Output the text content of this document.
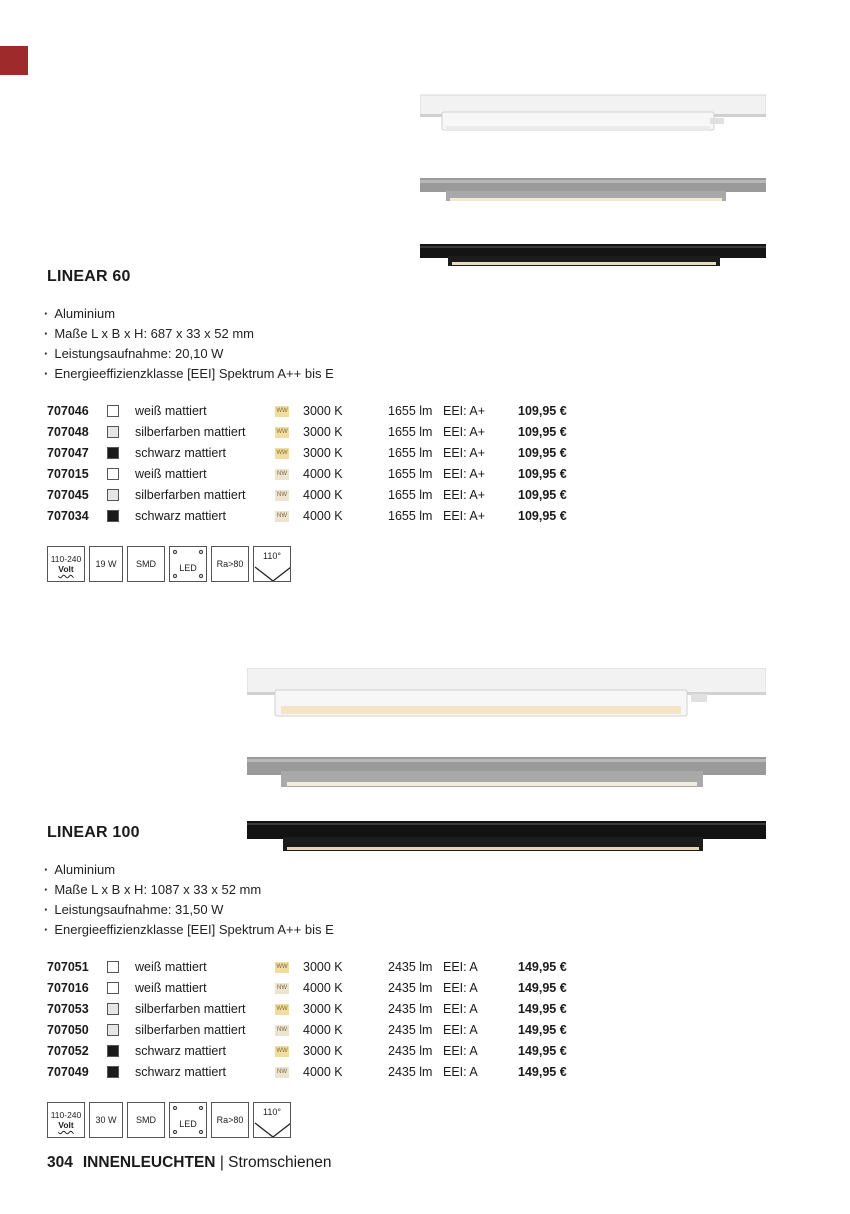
LINEAR 60
· Aluminium
· Maße L x B x H: 687 x 33 x 52 mm
· Leistungsaufnahme: 20,10 W
· Energieeffizienzklasse [EEI] Spektrum A++ bis E
707046		weiß mattiert	WW	3000 K	1655 lm	EEI: A+	109,95 €
707048		silberfarben mattiert	WW	3000 K	1655 lm	EEI: A+	109,95 €
707047		schwarz mattiert	WW	3000 K	1655 lm	EEI: A+	109,95 €
707015		weiß mattiert	NW	4000 K	1655 lm	EEI: A+	109,95 €
707045		silberfarben mattiert	NW	4000 K	1655 lm	EEI: A+	109,95 €
707034		schwarz mattiert	NW	4000 K	1655 lm	EEI: A+	109,95 €
110-240
Volt 19 W SMD	LED Ra>80
110°
LINEAR 100
· Aluminium
· Maße L x B x H: 1087 x 33 x 52 mm
· Leistungsaufnahme: 31,50 W
· Energieeffizienzklasse [EEI] Spektrum A++ bis E
707051		weiß mattiert	WW	3000 K	2435 lm	EEI: A	149,95 €
707016		weiß mattiert	NW	4000 K	2435 lm	EEI: A	149,95 €
707053		silberfarben mattiert	WW	3000 K	2435 lm	EEI: A	149,95 €
707050		silberfarben mattiert	NW	4000 K	2435 lm	EEI: A	149,95 €
707052		schwarz mattiert	WW	3000 K	2435 lm	EEI: A	149,95 €
707049		schwarz mattiert	NW	4000 K	2435 lm	EEI: A	149,95 €
110-240
Volt 30 W SMD	LED Ra>80
110°
304 INNENLEUCHTEN | Stromschienen
